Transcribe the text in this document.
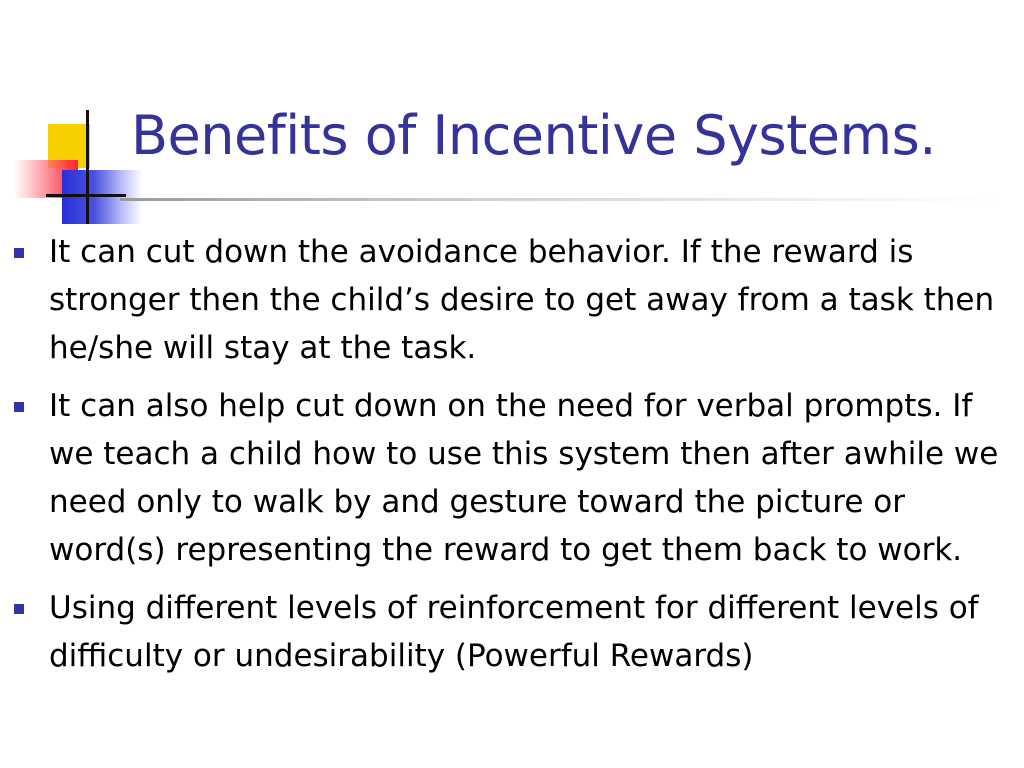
Benefits of Incentive Systems.
It can cut down the avoidance behavior. If the reward is stronger then the child’s desire to get away from a task then he/she will stay at the task.
It can also help cut down on the need for verbal prompts. If we teach a child how to use this system then after awhile we need only to walk by and gesture toward the picture or word(s) representing the reward to get them back to work.
Using different levels of reinforcement for different levels of difficulty or undesirability (Powerful Rewards)
